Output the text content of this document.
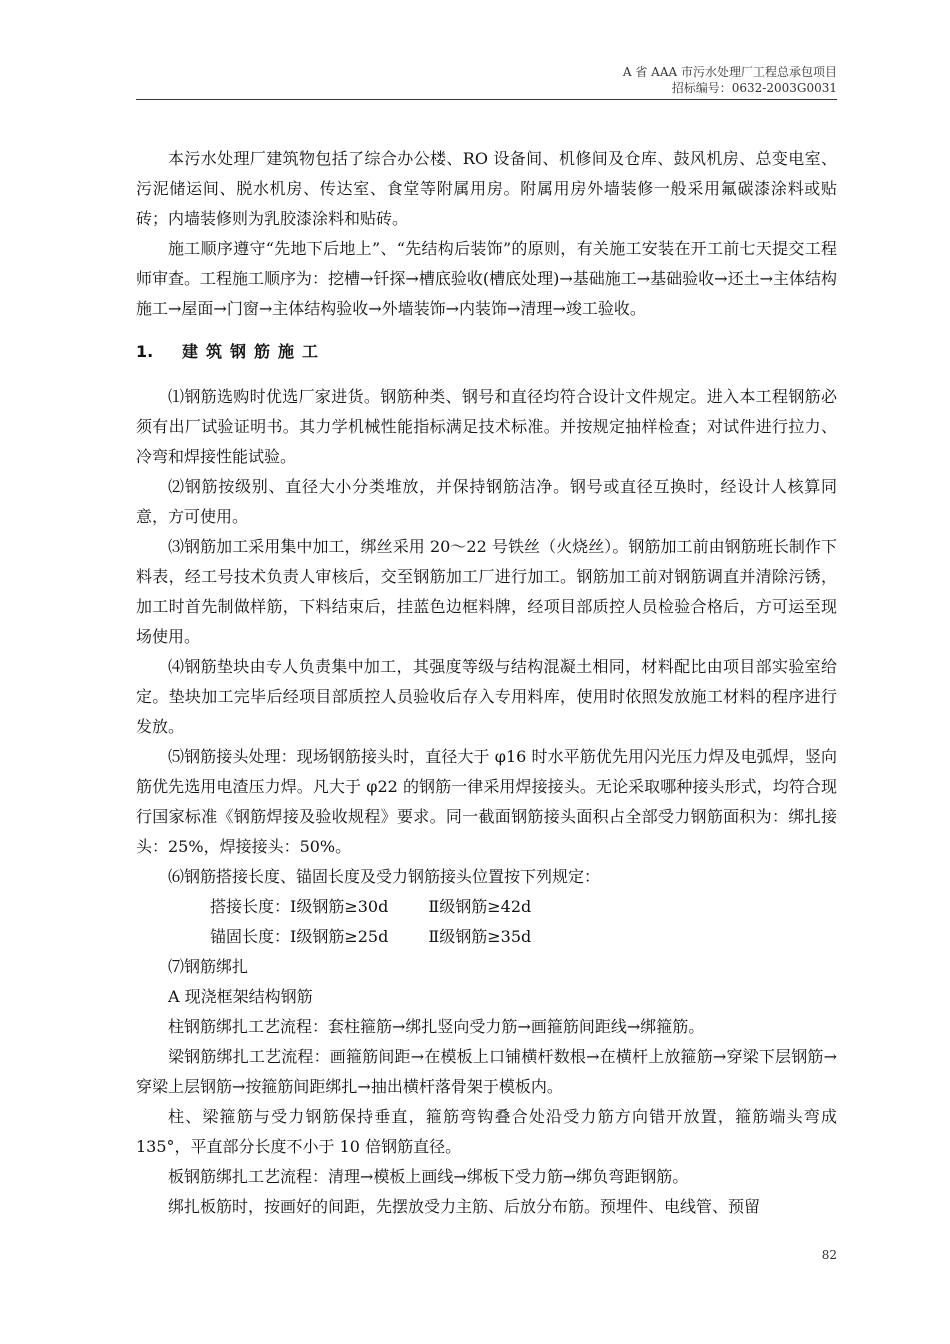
A 省 AAA 市污水处理厂工程总承包项目
招标编号：0632-2003G0031

本污水处理厂建筑物包括了综合办公楼、RO 设备间、机修间及仓库、鼓风机房、总变电室、污泥储运间、脱水机房、传达室、食堂等附属用房。附属用房外墙装修一般采用氟碳漆涂料或贴砖；内墙装修则为乳胶漆涂料和贴砖。

施工顺序遵守“先地下后地上”、“先结构后装饰”的原则，有关施工安装在开工前七天提交工程师审查。工程施工顺序为：挖槽→钎探→槽底验收(槽底处理)→基础施工→基础验收→还土→主体结构施工→屋面→门窗→主体结构验收→外墙装饰→内装饰→清理→竣工验收。

1. 建筑钢筋施工

⑴钢筋选购时优选厂家进货。钢筋种类、钢号和直径均符合设计文件规定。进入本工程钢筋必须有出厂试验证明书。其力学机械性能指标满足技术标准。并按规定抽样检查；对试件进行拉力、冷弯和焊接性能试验。

⑵钢筋按级别、直径大小分类堆放，并保持钢筋洁净。钢号或直径互换时，经设计人核算同意，方可使用。

⑶钢筋加工采用集中加工，绑丝采用 20～22 号铁丝（火烧丝）。钢筋加工前由钢筋班长制作下料表，经工号技术负责人审核后，交至钢筋加工厂进行加工。钢筋加工前对钢筋调直并清除污锈，加工时首先制做样筋，下料结束后，挂蓝色边框料牌，经项目部质控人员检验合格后，方可运至现场使用。

⑷钢筋垫块由专人负责集中加工，其强度等级与结构混凝土相同，材料配比由项目部实验室给定。垫块加工完毕后经项目部质控人员验收后存入专用料库，使用时依照发放施工材料的程序进行发放。

⑸钢筋接头处理：现场钢筋接头时，直径大于 φ16 时水平筋优先用闪光压力焊及电弧焊，竖向筋优先选用电渣压力焊。凡大于 φ22 的钢筋一律采用焊接接头。无论采取哪种接头形式，均符合现行国家标准《钢筋焊接及验收规程》要求。同一截面钢筋接头面积占全部受力钢筋面积为：绑扎接头：25%，焊接接头：50%。

⑹钢筋搭接长度、锚固长度及受力钢筋接头位置按下列规定：

搭接长度：Ⅰ级钢筋≥30d	Ⅱ级钢筋≥42d
锚固长度：Ⅰ级钢筋≥25d	Ⅱ级钢筋≥35d

⑺钢筋绑扎

A 现浇框架结构钢筋

柱钢筋绑扎工艺流程：套柱箍筋→绑扎竖向受力筋→画箍筋间距线→绑箍筋。

梁钢筋绑扎工艺流程：画箍筋间距→在模板上口铺横杆数根→在横杆上放箍筋→穿梁下层钢筋→穿梁上层钢筋→按箍筋间距绑扎→抽出横杆落骨架于模板内。

柱、梁箍筋与受力钢筋保持垂直，箍筋弯钩叠合处沿受力筋方向错开放置，箍筋端头弯成 135°，平直部分长度不小于 10 倍钢筋直径。

板钢筋绑扎工艺流程：清理→模板上画线→绑板下受力筋→绑负弯距钢筋。

绑扎板筋时，按画好的间距，先摆放受力主筋、后放分布筋。预埋件、电线管、预留

82
